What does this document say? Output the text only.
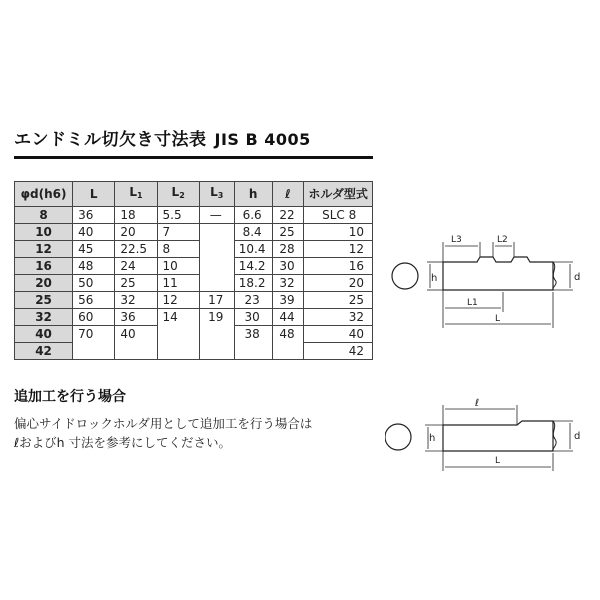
エンドミル切欠き寸法表 JIS B 4005
φd(h6)	L	$L_1$	$L_2$	$L_3$	h	ℓ	ホルダ型式
8	36	18	5.5	—	6.6	22	SLC 8
10	40	20	7		8.4	25	10
12	45	22.5	8		10.4	28	12
16	48	24	10		14.2	30	16
20	50	25	11		18.2	32	20
25	56	32	12	17	23	39	25
32	60	36	14	19	30	44	32
40	70	40			38	48	40
42							42
追加工を行う場合
偏心サイドロックホルダ用として追加工を行う場合は
ℓおよびh 寸法を参考にしてください。
h	d
L3	L2
L1
L
h	d
ℓ
L
